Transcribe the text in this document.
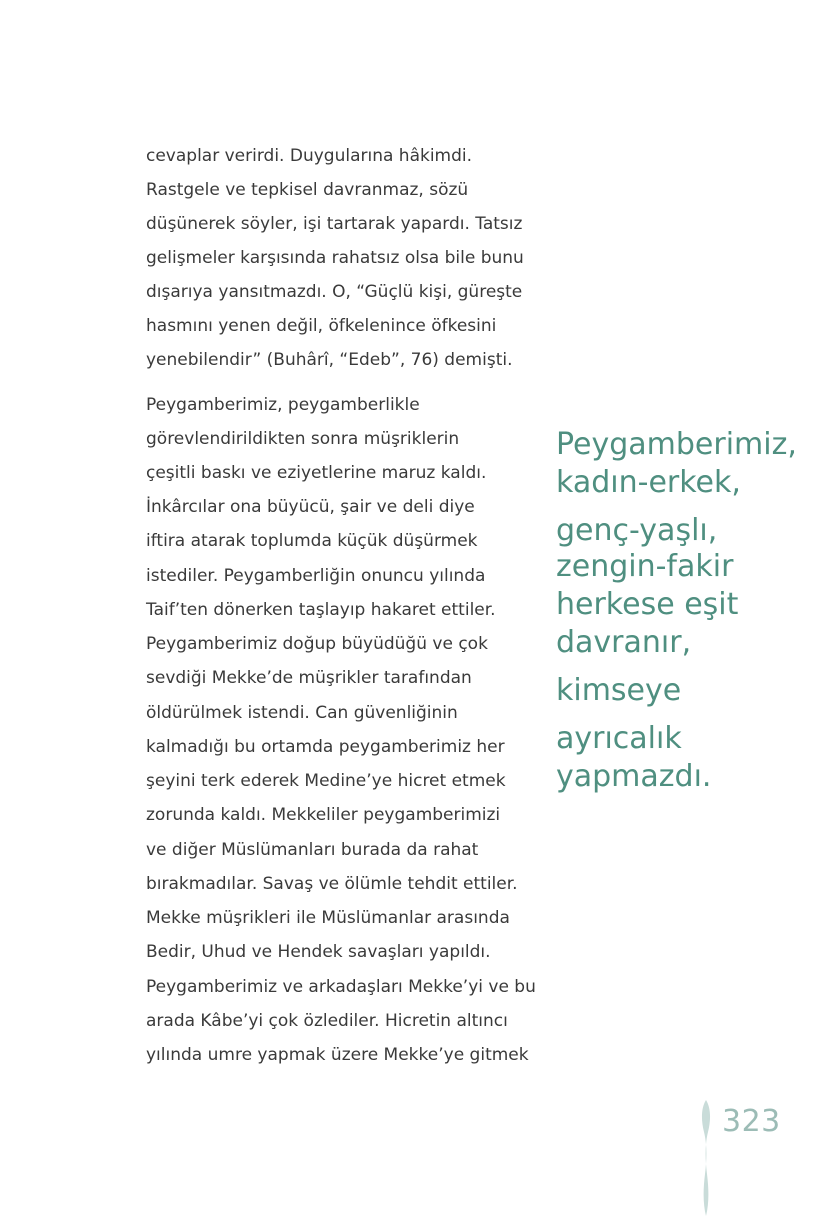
cevaplar verirdi. Duygularına hâkimdi.
Rastgele ve tepkisel davranmaz, sözü
düşünerek söyler, işi tartarak yapardı. Tatsız
gelişmeler karşısında rahatsız olsa bile bunu
dışarıya yansıtmazdı. O, “Güçlü kişi, güreşte
hasmını yenen değil, öfkelenince öfkesini
yenebilendir” (Buhârî, “Edeb”, 76) demişti.
Peygamberimiz, peygamberlikle
görevlendirildikten sonra müşriklerin
çeşitli baskı ve eziyetlerine maruz kaldı.
İnkârcılar ona büyücü, şair ve deli diye
iftira atarak toplumda küçük düşürmek
istediler. Peygamberliğin onuncu yılında
Taif’ten dönerken taşlayıp hakaret ettiler.
Peygamberimiz doğup büyüdüğü ve çok
sevdiği Mekke’de müşrikler tarafından
öldürülmek istendi. Can güvenliğinin
kalmadığı bu ortamda peygamberimiz her
şeyini terk ederek Medine’ye hicret etmek
zorunda kaldı. Mekkeliler peygamberimizi
ve diğer Müslümanları burada da rahat
bırakmadılar. Savaş ve ölümle tehdit ettiler.
Mekke müşrikleri ile Müslümanlar arasında
Bedir, Uhud ve Hendek savaşları yapıldı.
Peygamberimiz ve arkadaşları Mekke’yi ve bu
arada Kâbe’yi çok özlediler. Hicretin altıncı
yılında umre yapmak üzere Mekke’ye gitmek
Peygamberimiz,
kadın-erkek,
genç-yaşlı,
zengin-fakir
herkese eşit
davranır,
kimseye
ayrıcalık
yapmazdı.
323
